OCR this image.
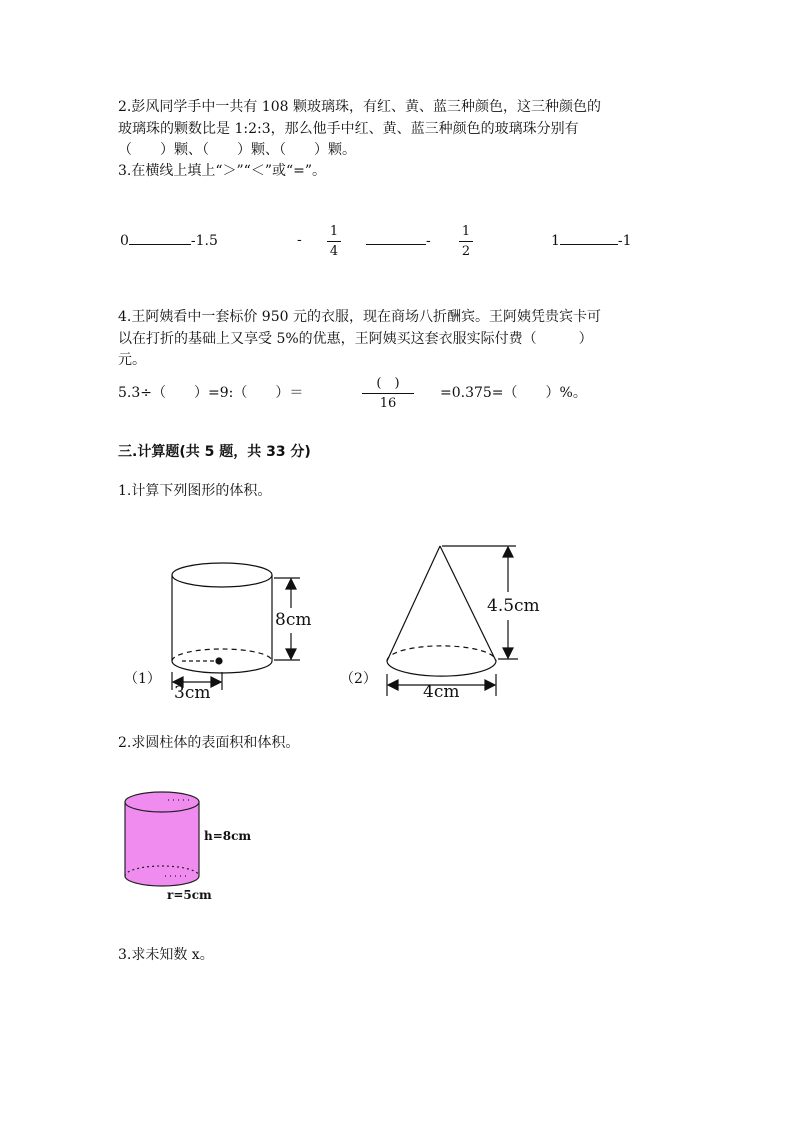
2.彭风同学手中一共有 108 颗玻璃珠，有红、黄、蓝三种颜色，这三种颜色的
玻璃珠的颗数比是 1:2:3，那么他手中红、黄、蓝三种颜色的玻璃珠分别有
（　　）颗、（　　）颗、（　　）颗。
3.在横线上填上“＞”“＜”或“=”。
0	-1.5	-
1
4
-
1
2
1	-1
4.王阿姨看中一套标价 950 元的衣服，现在商场八折酬宾。王阿姨凭贵宾卡可
以在打折的基础上又享受 5%的优惠，王阿姨买这套衣服实际付费（　　　）
元。
5.3÷（　　）=9:（　　）＝
(　)
16
=0.375=（　　）%。
三.计算题(共 5 题，共 33 分)
1.计算下列图形的体积。
（1）
8cm
3cm
（2）
4.5cm
4cm
2.求圆柱体的表面积和体积。
h=8cm
r=5cm
3.求未知数 x。
